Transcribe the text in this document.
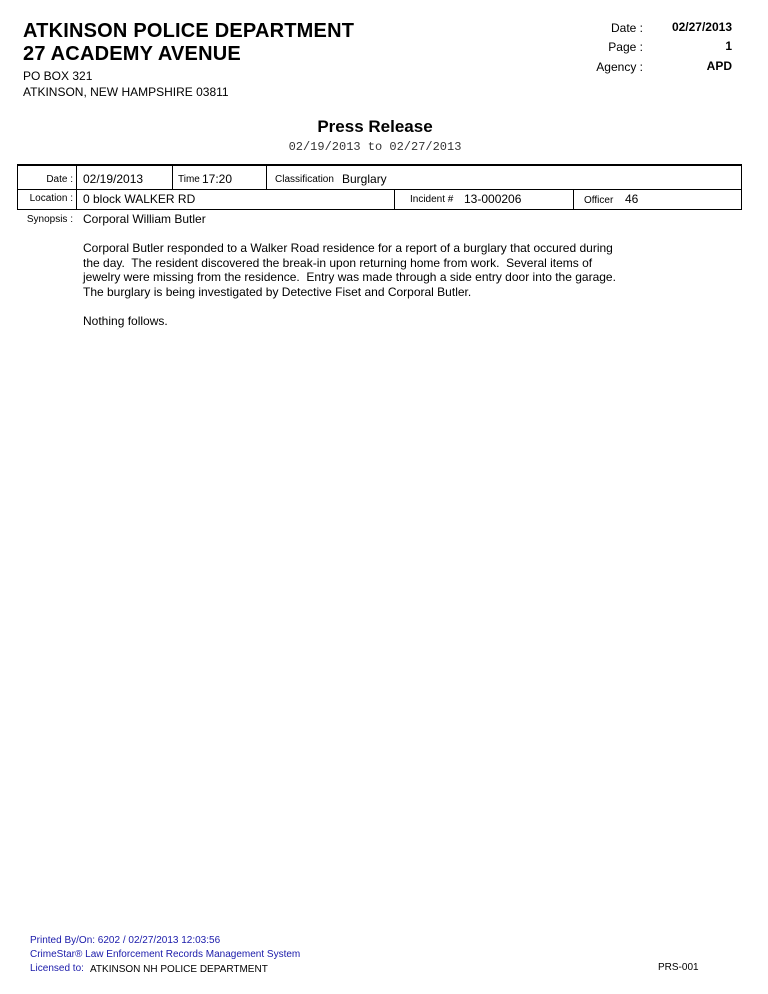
ATKINSON POLICE DEPARTMENT
27 ACADEMY AVENUE
PO BOX 321
ATKINSON, NEW HAMPSHIRE 03811
Date :	02/27/2013
Page :	1
Agency :	APD
Press Release
02/19/2013 to 02/27/2013
Date : 02/19/2013	Time 17:20	Classification Burglary
Location : 0 block WALKER RD	Incident # 13-000206	Officer 46
Synopsis : Corporal William Butler
Corporal Butler responded to a Walker Road residence for a report of a burglary that occured during
the day.  The resident discovered the break-in upon returning home from work.  Several items of
jewelry were missing from the residence.  Entry was made through a side entry door into the garage.
The burglary is being investigated by Detective Fiset and Corporal Butler.
Nothing follows.
Printed By/On: 6202 / 02/27/2013 12:03:56
CrimeStar® Law Enforcement Records Management System
Licensed to: ATKINSON NH POLICE DEPARTMENT	PRS-001
